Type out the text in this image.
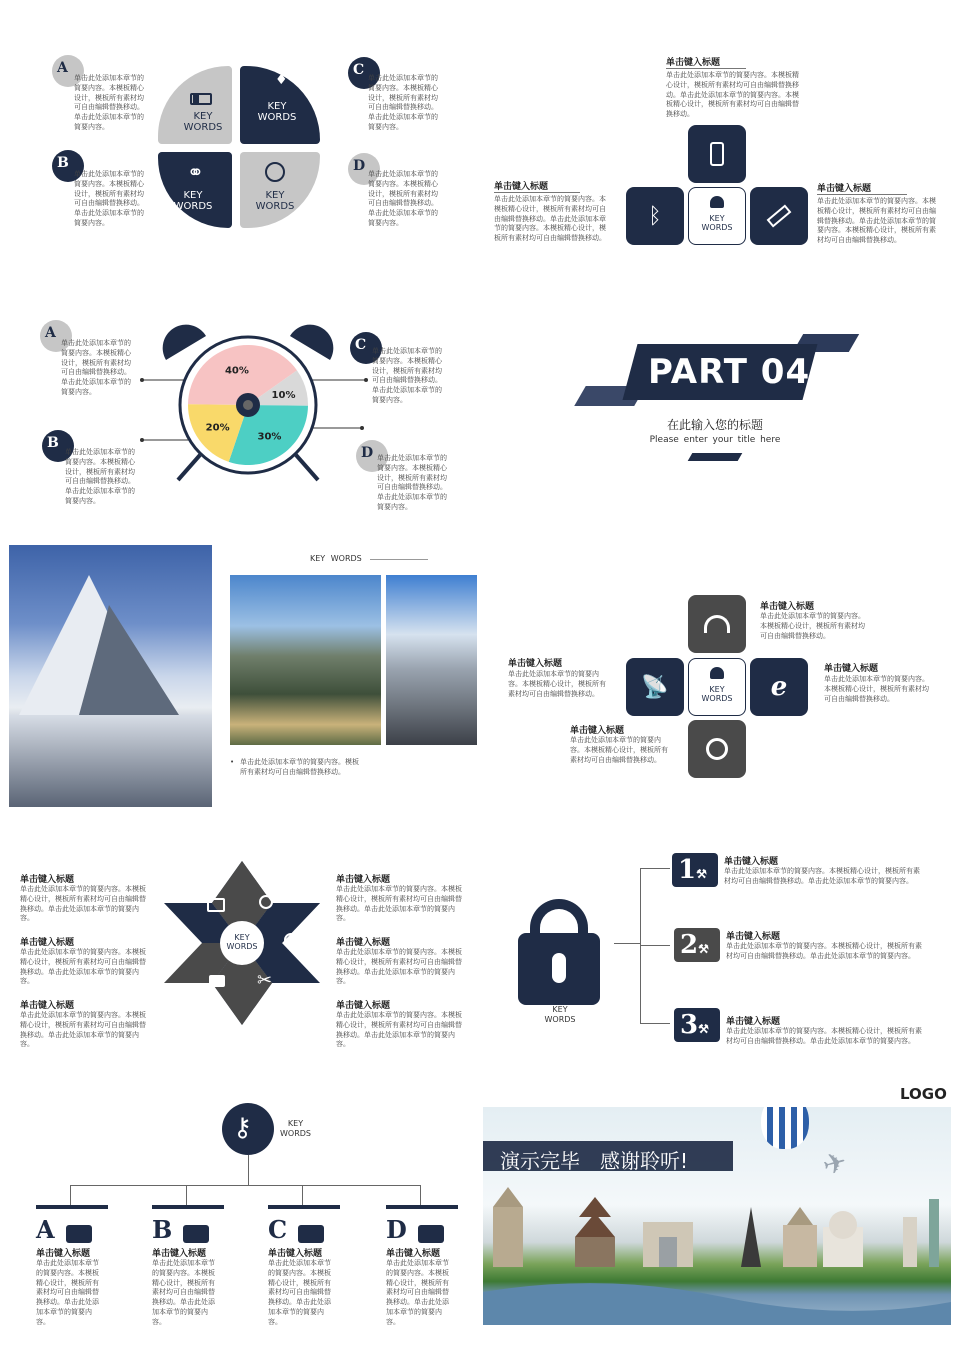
A
单击此处添加本章节的简要内容。本模板精心设计，模板所有素材均可自由编辑替换移动。单击此处添加本章节的简要内容。
B
单击此处添加本章节的简要内容。本模板精心设计，模板所有素材均可自由编辑替换移动。单击此处添加本章节的简要内容。
C 单击此处添加本章节的简要内容。本模板精心设计，模板所有素材均可自由编辑替换移动。单击此处添加本章节的简要内容。
D 单击此处添加本章节的简要内容。本模板精心设计，模板所有素材均可自由编辑替换移动。单击此处添加本章节的简要内容。
KEY
WORDS
♦
KEY
WORDS
⚭
KEY
WORDS
KEY
WORDS
单击键入标题
单击此处添加本章节的简要内容。本模板精心设计，模板所有素材均可自由编辑替换移动。单击此处添加本章节的简要内容。本模板精心设计，模板所有素材均可自由编辑替换移动。
单击键入标题
单击此处添加本章节的简要内容。本模板精心设计，模板所有素材均可自由编辑替换移动。单击此处添加本章节的简要内容。本模板精心设计，模板所有素材均可自由编辑替换移动。
单击键入标题
单击此处添加本章节的简要内容。本模板精心设计，模板所有素材均可自由编辑替换移动。单击此处添加本章节的简要内容。本模板精心设计，模板所有素材均可自由编辑替换移动。
ᛒ	KEY
WORDS
A
单击此处添加本章节的简要内容。本模板精心设计，模板所有素材均可自由编辑替换移动。单击此处添加本章节的简要内容。
B
单击此处添加本章节的简要内容。本模板精心设计，模板所有素材均可自由编辑替换移动。单击此处添加本章节的简要内容。
C 单击此处添加本章节的简要内容。本模板精心设计，模板所有素材均可自由编辑替换移动。单击此处添加本章节的简要内容。
D 单击此处添加本章节的简要内容。本模板精心设计，模板所有素材均可自由编辑替换移动。单击此处添加本章节的简要内容。
40%
10%
30%
20%
PART 04
在此输入您的标题
Please enter your title here
KEY WORDS
• 单击此处添加本章节的简要内容。模板所有素材均可自由编辑替换移动。
单击键入标题
单击此处添加本章节的简要内容。本模板精心设计，模板所有素材均可自由编辑替换移动。
单击键入标题
单击此处添加本章节的简要内容。本模板精心设计，模板所有素材均可自由编辑替换移动。
单击键入标题
单击此处添加本章节的简要内容。本模板精心设计，模板所有素材均可自由编辑替换移动。
单击键入标题
单击此处添加本章节的简要内容。本模板精心设计，模板所有素材均可自由编辑替换移动。
📡	KEY
WORDS	e
单击键入标题
单击此处添加本章节的简要内容。本模板精心设计，模板所有素材均可自由编辑替换移动。单击此处添加本章节的简要内容。
单击键入标题
单击此处添加本章节的简要内容。本模板精心设计，模板所有素材均可自由编辑替换移动。单击此处添加本章节的简要内容。
单击键入标题
单击此处添加本章节的简要内容。本模板精心设计，模板所有素材均可自由编辑替换移动。单击此处添加本章节的简要内容。
单击键入标题
单击此处添加本章节的简要内容。本模板精心设计，模板所有素材均可自由编辑替换移动。单击此处添加本章节的简要内容。
单击键入标题
单击此处添加本章节的简要内容。本模板精心设计，模板所有素材均可自由编辑替换移动。单击此处添加本章节的简要内容。
单击键入标题
单击此处添加本章节的简要内容。本模板精心设计，模板所有素材均可自由编辑替换移动。单击此处添加本章节的简要内容。
☂
✂
KEY
WORDS
KEY
WORDS
1⚒
单击键入标题
单击此处添加本章节的简要内容。本模板精心设计，模板所有素材均可自由编辑替换移动。单击此处添加本章节的简要内容。
2⚒
单击键入标题
单击此处添加本章节的简要内容。本模板精心设计，模板所有素材均可自由编辑替换移动。单击此处添加本章节的简要内容。
3⚒	单击键入标题
单击此处添加本章节的简要内容。本模板精心设计，模板所有素材均可自由编辑替换移动。单击此处添加本章节的简要内容。
⚷	KEY
WORDS
A
单击键入标题
单击此处添加本章节的简要内容。本模板精心设计，模板所有素材均可自由编辑替换移动。单击此处添加本章节的简要内容。
B
单击键入标题
单击此处添加本章节的简要内容。本模板精心设计，模板所有素材均可自由编辑替换移动。单击此处添加本章节的简要内容。
C
单击键入标题
单击此处添加本章节的简要内容。本模板精心设计，模板所有素材均可自由编辑替换移动。单击此处添加本章节的简要内容。
D
单击键入标题
单击此处添加本章节的简要内容。本模板精心设计，模板所有素材均可自由编辑替换移动。单击此处添加本章节的简要内容。
LOGO
✈
演示完毕　感谢聆听!
